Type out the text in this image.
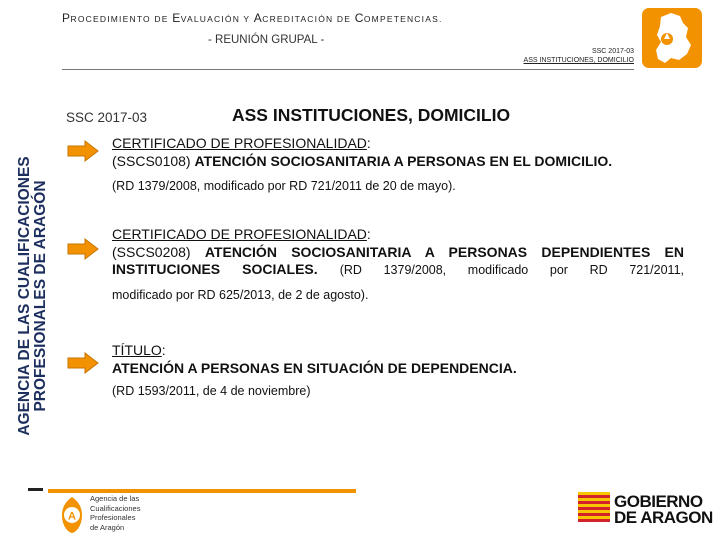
PROCEDIMIENTO DE EVALUACIÓN Y ACREDITACIÓN DE COMPETENCIAS.
- REUNIÓN GRUPAL -
SSC 2017-03
ASS INSTITUCIONES, DOMICILIO
AGENCIA DE LAS CUALIFICACIONES PROFESIONALES DE ARAGÓN
SSC 2017-03	ASS INSTITUCIONES, DOMICILIO
CERTIFICADO DE PROFESIONALIDAD:
(SSCS0108) ATENCIÓN SOCIOSANITARIA A PERSONAS EN EL DOMICILIO.
(RD 1379/2008, modificado por RD 721/2011 de 20 de mayo).
CERTIFICADO DE PROFESIONALIDAD:
(SSCS0208) ATENCIÓN SOCIOSANITARIA A PERSONAS DEPENDIENTES EN INSTITUCIONES SOCIALES. (RD 1379/2008, modificado por RD 721/2011,
modificado por RD 625/2013, de 2 de agosto).
TÍTULO:
ATENCIÓN A PERSONAS EN SITUACIÓN DE DEPENDENCIA.
(RD 1593/2011, de 4 de noviembre)
A
Agencia de las
Cualificaciones
Profesionales
de Aragón
GOBIERNO
DE ARAGON
